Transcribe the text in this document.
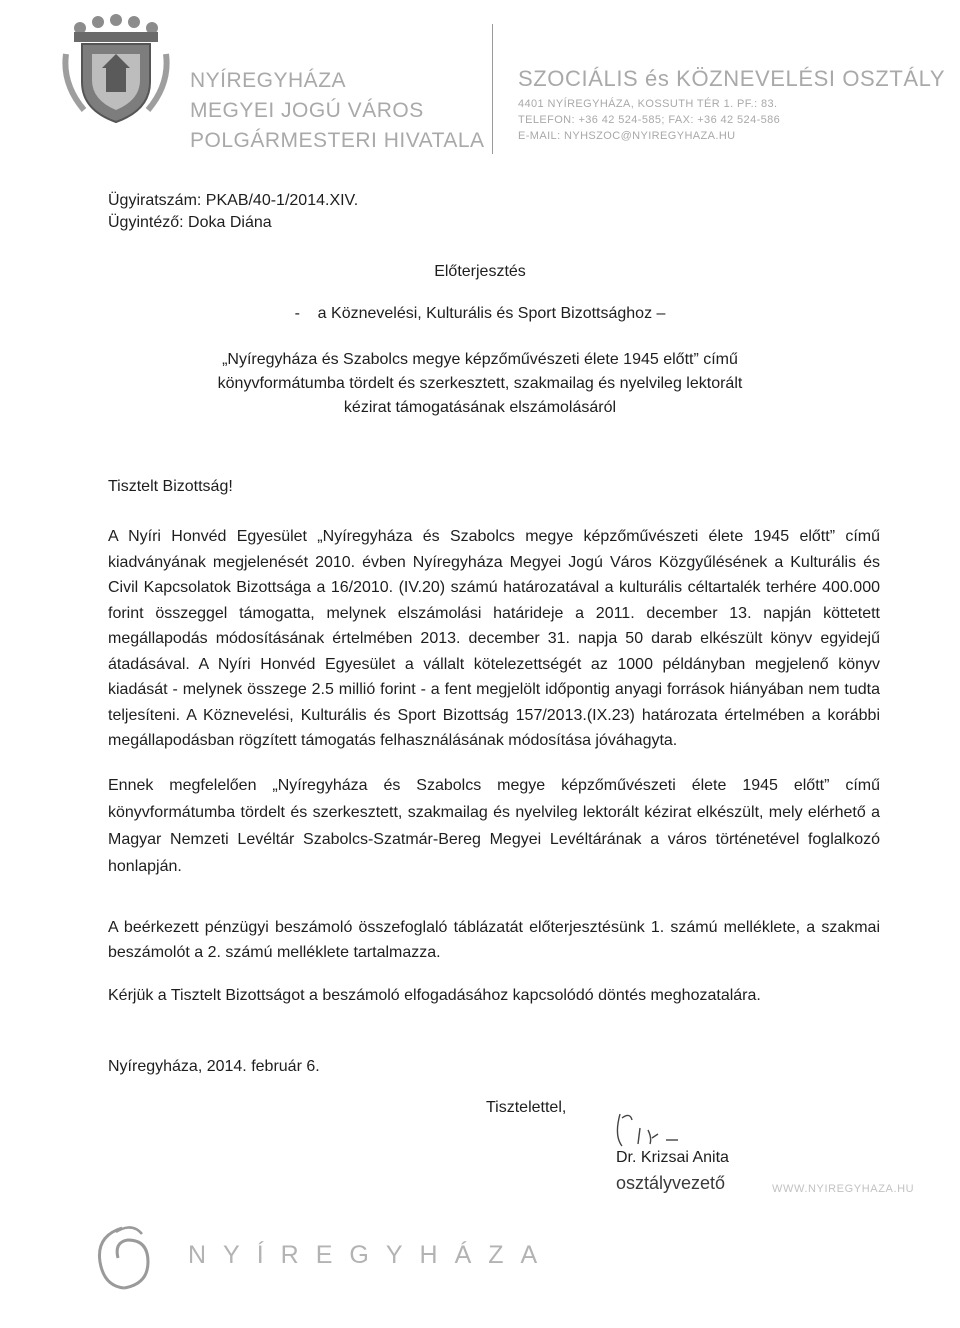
NYÍREGYHÁZA
MEGYEI JOGÚ VÁROS
POLGÁRMESTERI HIVATALA
SZOCIÁLIS és KÖZNEVELÉSI OSZTÁLY
4401 NYÍREGYHÁZA, KOSSUTH TÉR 1. PF.: 83.
TELEFON: +36 42 524-585; FAX: +36 42 524-586
E-MAIL: NYHSZOC@NYIREGYHAZA.HU
Ügyiratszám: PKAB/40-1/2014.XIV.
Ügyintéző: Doka Diána
Előterjesztés
-    a Köznevelési, Kulturális és Sport Bizottsághoz –
„Nyíregyháza és Szabolcs megye képzőművészeti élete 1945 előtt” című könyvformátumba tördelt és szerkesztett, szakmailag és nyelvileg lektorált kézirat támogatásának elszámolásáról
Tisztelt Bizottság!
A Nyíri Honvéd Egyesület „Nyíregyháza és Szabolcs megye képzőművészeti élete 1945 előtt” című kiadványának megjelenését 2010. évben Nyíregyháza Megyei Jogú Város Közgyűlésének a Kulturális és Civil Kapcsolatok Bizottsága a 16/2010. (IV.20) számú határozatával a kulturális céltartalék terhére 400.000 forint összeggel támogatta, melynek elszámolási határideje a 2011. december 13. napján köttetett megállapodás módosításának értelmében 2013. december 31. napja 50 darab elkészült könyv egyidejű átadásával. A Nyíri Honvéd Egyesület a vállalt kötelezettségét az 1000 példányban megjelenő könyv kiadását - melynek összege 2.5 millió forint - a fent megjelölt időpontig anyagi források hiányában nem tudta teljesíteni. A Köznevelési, Kulturális és Sport Bizottság 157/2013.(IX.23) határozata értelmében a korábbi megállapodásban rögzített támogatás felhasználásának módosítása jóváhagyta.
Ennek megfelelően „Nyíregyháza és Szabolcs megye képzőművészeti élete 1945 előtt” című könyvformátumba tördelt és szerkesztett, szakmailag és nyelvileg lektorált kézirat elkészült, mely elérhető a Magyar Nemzeti Levéltár Szabolcs-Szatmár-Bereg Megyei Levéltárának a város történetével foglalkozó honlapján.
A beérkezett pénzügyi beszámoló összefoglaló táblázatát előterjesztésünk 1. számú melléklete, a szakmai beszámolót a 2. számú melléklete tartalmazza.
Kérjük a Tisztelt Bizottságot a beszámoló elfogadásához kapcsolódó döntés meghozatalára.
Nyíregyháza, 2014. február 6.
Tisztelettel,
Dr. Krizsai Anita
osztályvezető	WWW.NYIREGYHAZA.HU
NYÍREGYHÁZA
